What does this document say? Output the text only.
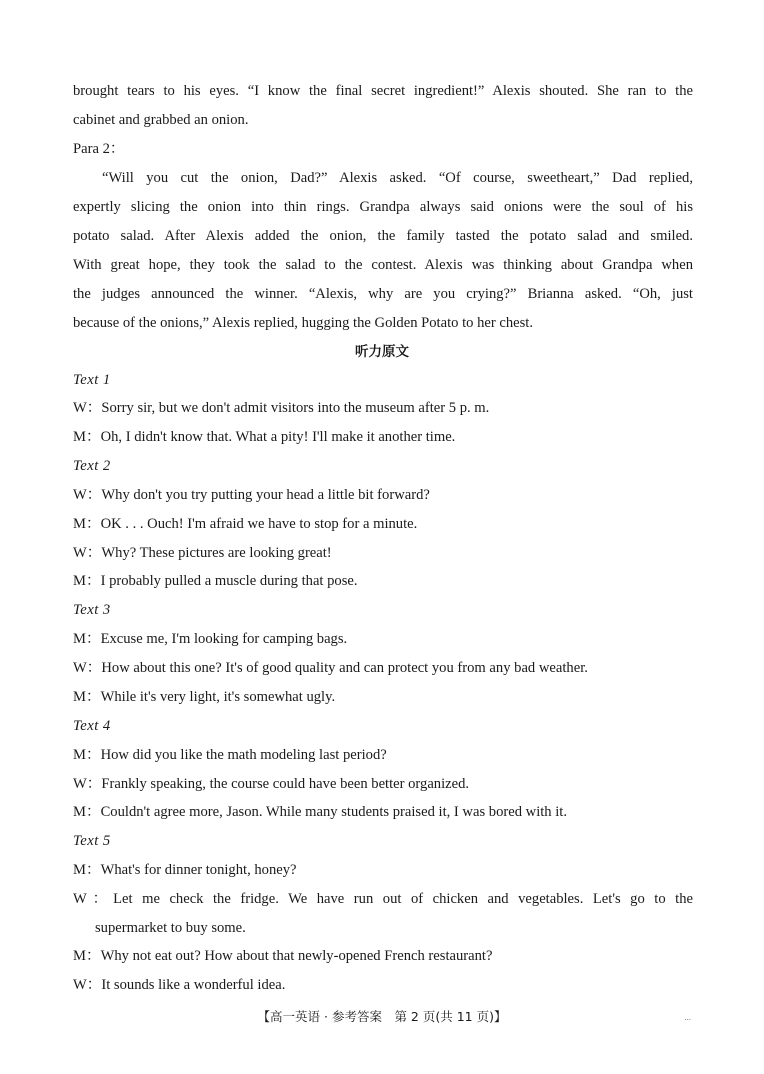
brought tears to his eyes. “I know the final secret ingredient!” Alexis shouted. She ran to the
cabinet and grabbed an onion.
Para 2：
“Will you cut the onion, Dad?” Alexis asked. “Of course, sweetheart,” Dad replied,
expertly slicing the onion into thin rings. Grandpa always said onions were the soul of his
potato salad. After Alexis added the onion, the family tasted the potato salad and smiled.
With great hope, they took the salad to the contest. Alexis was thinking about Grandpa when
the judges announced the winner. “Alexis, why are you crying?” Brianna asked. “Oh, just
because of the onions,” Alexis replied, hugging the Golden Potato to her chest.
听力原文
Text 1
W：Sorry sir, but we don't admit visitors into the museum after 5 p. m.
M：Oh, I didn't know that. What a pity! I'll make it another time.
Text 2
W：Why don't you try putting your head a little bit forward?
M：OK . . . Ouch! I'm afraid we have to stop for a minute.
W：Why? These pictures are looking great!
M：I probably pulled a muscle during that pose.
Text 3
M：Excuse me, I'm looking for camping bags.
W：How about this one? It's of good quality and can protect you from any bad weather.
M：While it's very light, it's somewhat ugly.
Text 4
M：How did you like the math modeling last period?
W：Frankly speaking, the course could have been better organized.
M：Couldn't agree more, Jason. While many students praised it, I was bored with it.
Text 5
M：What's for dinner tonight, honey?
W：Let me check the fridge. We have run out of chicken and vegetables. Let's go to the
supermarket to buy some.
M：Why not eat out? How about that newly-opened French restaurant?
W：It sounds like a wonderful idea.
【高一英语 · 参考答案　第 2 页(共 11 页)】	...
